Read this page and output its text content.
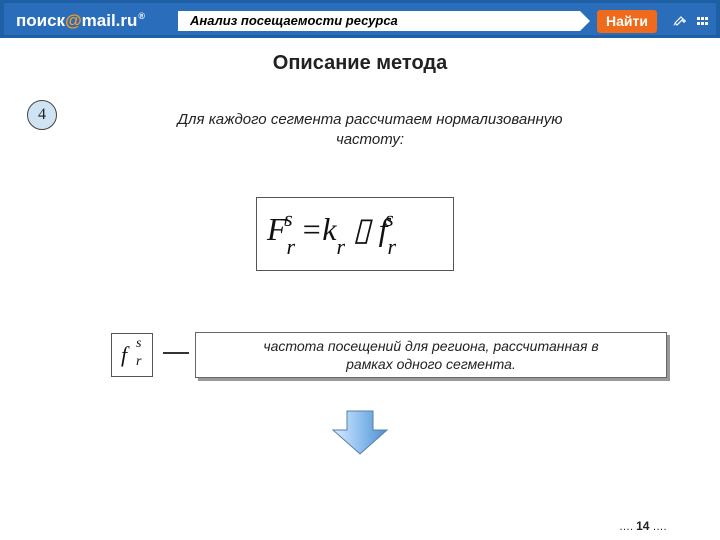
поиск@mail.ru®	Анализ посещаемости ресурса	Найти
Описание метода
4	Для каждого сегмента рассчитаем нормализованную
частоту:
$F_r^s =k_r$ ▯ $f_r^s$
f s
r
частота посещений для региона, рассчитанная в
рамках одного сегмента.
…. 14 ….
